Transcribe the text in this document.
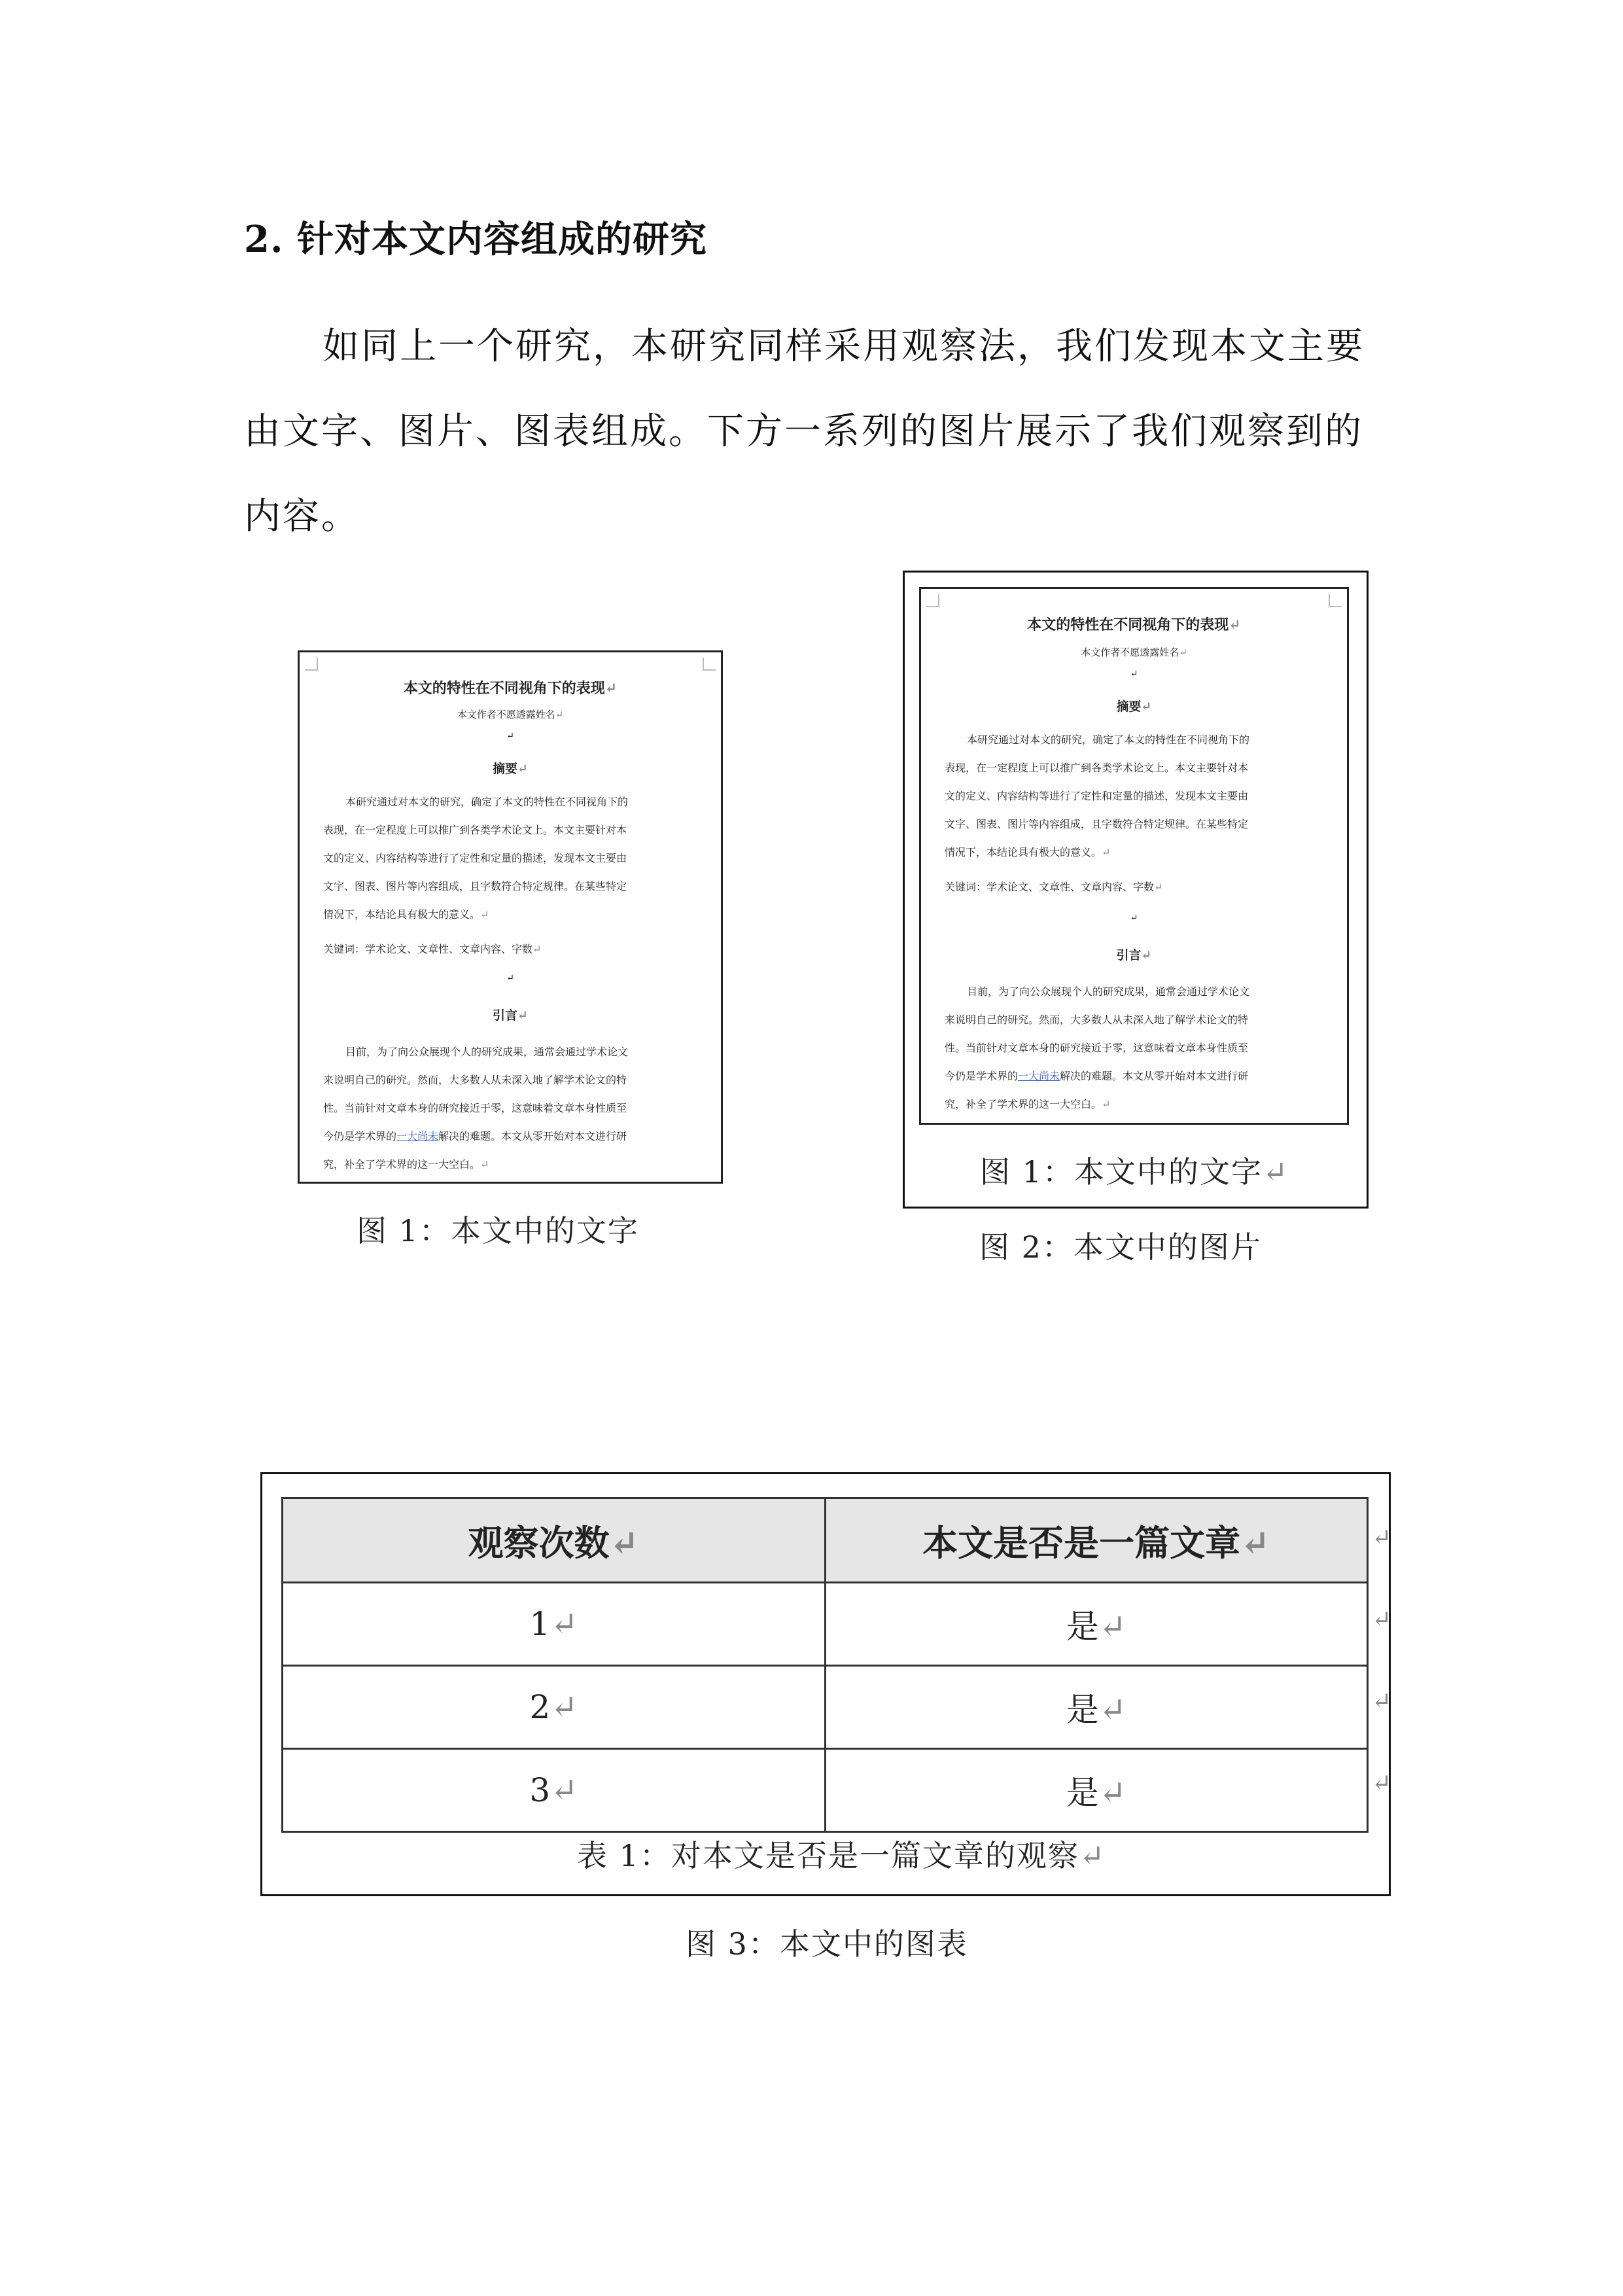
2. 针对本文内容组成的研究
如同上一个研究，本研究同样采用观察法，我们发现本文主要
由文字、图片、图表组成。下方一系列的图片展示了我们观察到的
内容。
本文的特性在不同视角下的表现↵
本文作者不愿透露姓名↵
↵
摘要↵
本研究通过对本文的研究，确定了本文的特性在不同视角下的
表现，在一定程度上可以推广到各类学术论文上。本文主要针对本
文的定义、内容结构等进行了定性和定量的描述，发现本文主要由
文字、图表、图片等内容组成，且字数符合特定规律。在某些特定
情况下，本结论具有极大的意义。↵
关键词：学术论文、文章性、文章内容、字数↵
↵
引言↵
目前，为了向公众展现个人的研究成果，通常会通过学术论文
来说明自己的研究。然而，大多数人从未深入地了解学术论文的特
性。当前针对文章本身的研究接近于零，这意味着文章本身性质至
今仍是学术界的一大尚未解决的难题。本文从零开始对本文进行研
究，补全了学术界的这一大空白。↵
图 1：本文中的文字
本文的特性在不同视角下的表现↵
本文作者不愿透露姓名↵
↵
摘要↵
本研究通过对本文的研究，确定了本文的特性在不同视角下的
表现，在一定程度上可以推广到各类学术论文上。本文主要针对本
文的定义、内容结构等进行了定性和定量的描述，发现本文主要由
文字、图表、图片等内容组成，且字数符合特定规律。在某些特定
情况下，本结论具有极大的意义。↵
关键词：学术论文、文章性、文章内容、字数↵
↵
引言↵
目前，为了向公众展现个人的研究成果，通常会通过学术论文
来说明自己的研究。然而，大多数人从未深入地了解学术论文的特
性。当前针对文章本身的研究接近于零，这意味着文章本身性质至
今仍是学术界的一大尚未解决的难题。本文从零开始对本文进行研
究，补全了学术界的这一大空白。↵
图 1：本文中的文字↵
图 2：本文中的图片
观察次数↵	本文是否是一篇文章↵
1↵	是↵
2↵	是↵
3↵	是↵
↵
↵
↵
↵
表 1：对本文是否是一篇文章的观察↵
图 3：本文中的图表
